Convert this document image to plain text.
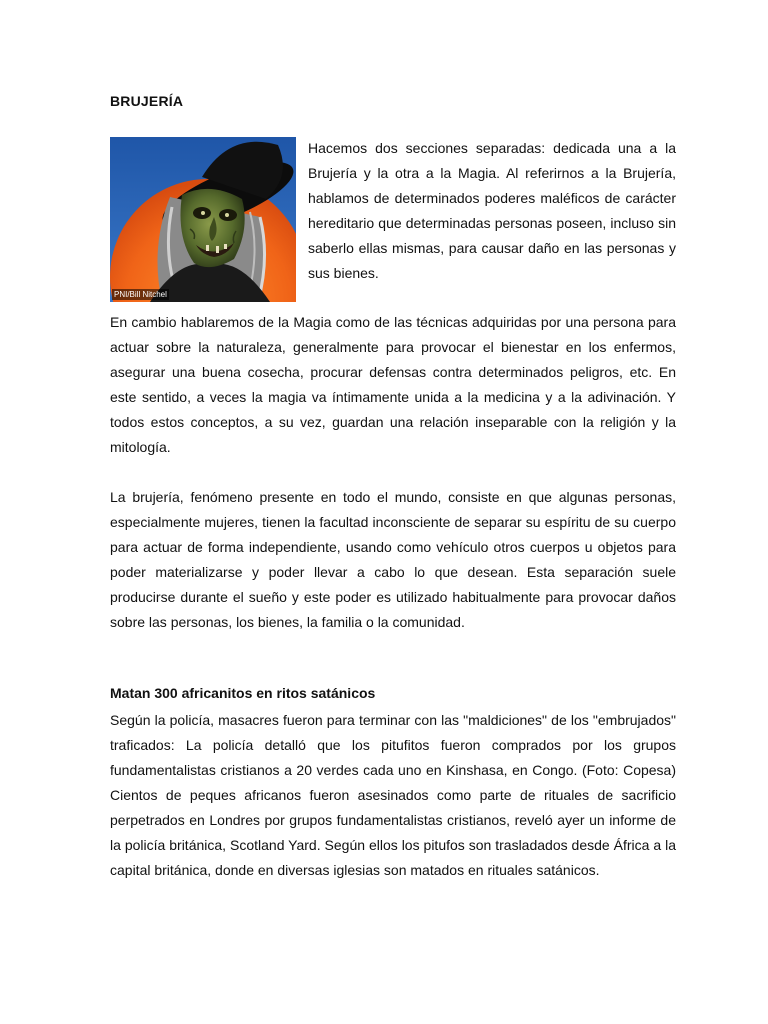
BRUJERÍA
PNI/Bill Nitchel

Hacemos dos secciones separadas: dedicada una a la Brujería y la otra a la Magia. Al referirnos a la Brujería, hablamos de determinados poderes maléficos de carácter hereditario que determinadas personas poseen, incluso sin saberlo ellas mismas, para causar daño en las personas y sus bienes.

En cambio hablaremos de la Magia como de las técnicas adquiridas por una persona para actuar sobre la naturaleza, generalmente para provocar el bienestar en los enfermos, asegurar una buena cosecha, procurar defensas contra determinados peligros, etc. En este sentido, a veces la magia va íntimamente unida a la medicina y a la adivinación. Y todos estos conceptos, a su vez, guardan una relación inseparable con la religión y la mitología.

La brujería, fenómeno presente en todo el mundo, consiste en que algunas personas, especialmente mujeres, tienen la facultad inconsciente de separar su espíritu de su cuerpo para actuar de forma independiente, usando como vehículo otros cuerpos u objetos para poder materializarse y poder llevar a cabo lo que desean. Esta separación suele producirse durante el sueño y este poder es utilizado habitualmente para provocar daños sobre las personas, los bienes, la familia o la comunidad.

Matan 300 africanitos en ritos satánicos

Según la policía, masacres fueron para terminar con las "maldiciones" de los "embrujados" traficados: La policía detalló que los pitufitos fueron comprados por los grupos fundamentalistas cristianos a 20 verdes cada uno en Kinshasa, en Congo. (Foto: Copesa) Cientos de peques africanos fueron asesinados como parte de rituales de sacrificio perpetrados en Londres por grupos fundamentalistas cristianos, reveló ayer un informe de la policía británica, Scotland Yard. Según ellos los pitufos son trasladados desde África a la capital británica, donde en diversas iglesias son matados en rituales satánicos.
